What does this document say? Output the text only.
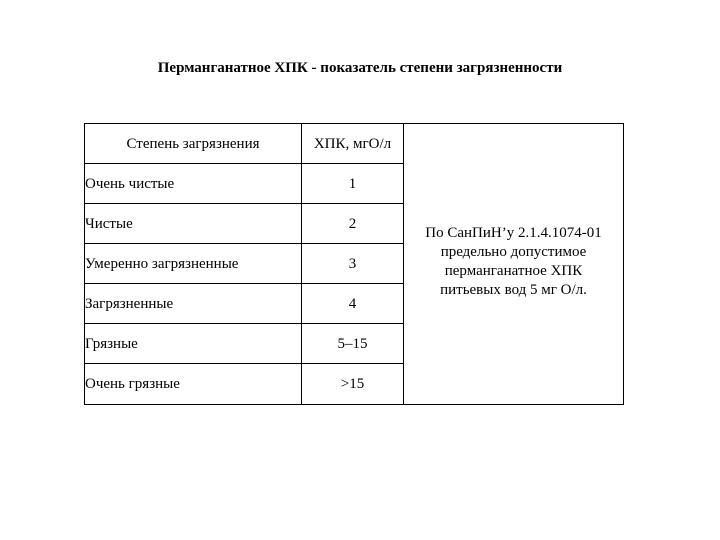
Перманганатное ХПК - показатель степени загрязненности
Степень загрязнения	ХПК, мгО/л
Очень чистые	1
Чистые	2
Умеренно загрязненные	3
Загрязненные	4
Грязные	5–15
Очень грязные	>15
По СанПиН’у 2.1.4.1074-01
предельно допустимое
перманганатное ХПК
питьевых вод 5 мг О/л.
